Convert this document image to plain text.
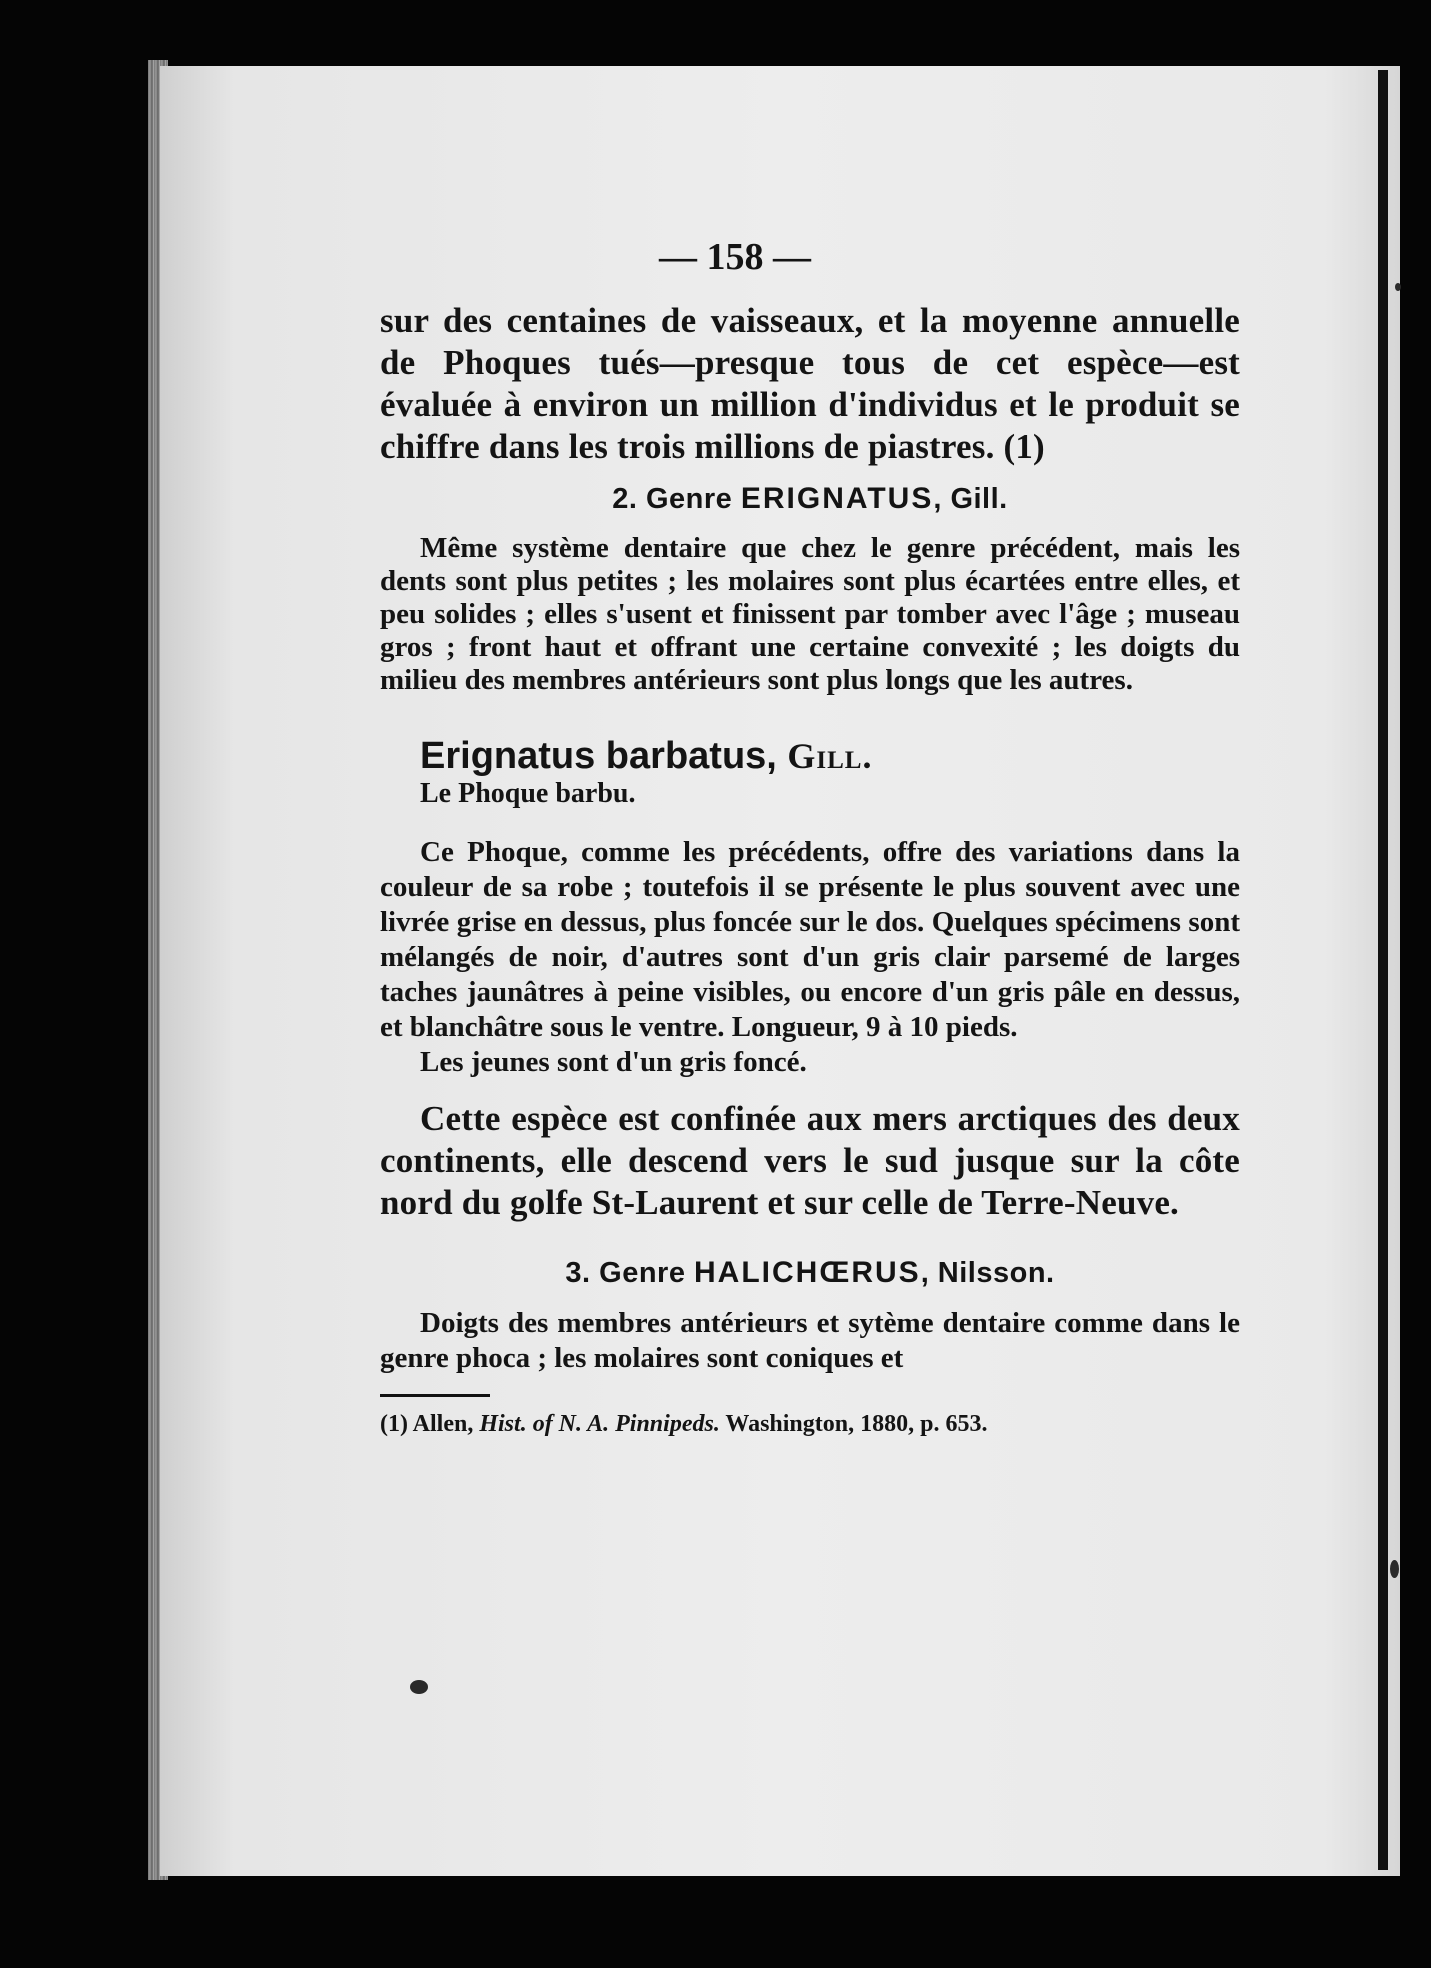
— 158 —

sur des centaines de vaisseaux, et la moyenne annuelle de Phoques tués—presque tous de cet espèce—est évaluée à environ un million d'individus et le produit se chiffre dans les trois millions de piastres. (1)

2. Genre ERIGNATUS, Gill.

Même système dentaire que chez le genre précédent, mais les dents sont plus petites ; les molaires sont plus écartées entre elles, et peu solides ; elles s'usent et finissent par tomber avec l'âge ; museau gros ; front haut et offrant une certaine convexité ; les doigts du milieu des membres antérieurs sont plus longs que les autres.

Erignatus barbatus, Gill.
Le Phoque barbu.

Ce Phoque, comme les précédents, offre des variations dans la couleur de sa robe ; toutefois il se présente le plus souvent avec une livrée grise en dessus, plus foncée sur le dos. Quelques spécimens sont mélangés de noir, d'autres sont d'un gris clair parsemé de larges taches jaunâtres à peine visibles, ou encore d'un gris pâle en dessus, et blanchâtre sous le ventre. Longueur, 9 à 10 pieds.

Les jeunes sont d'un gris foncé.

Cette espèce est confinée aux mers arctiques des deux continents, elle descend vers le sud jusque sur la côte nord du golfe St-Laurent et sur celle de Terre-Neuve.

3. Genre HALICHŒRUS, Nilsson.

Doigts des membres antérieurs et sytème dentaire comme dans le genre phoca ; les molaires sont coniques et

(1) Allen, Hist. of N. A. Pinnipeds. Washington, 1880, p. 653.
